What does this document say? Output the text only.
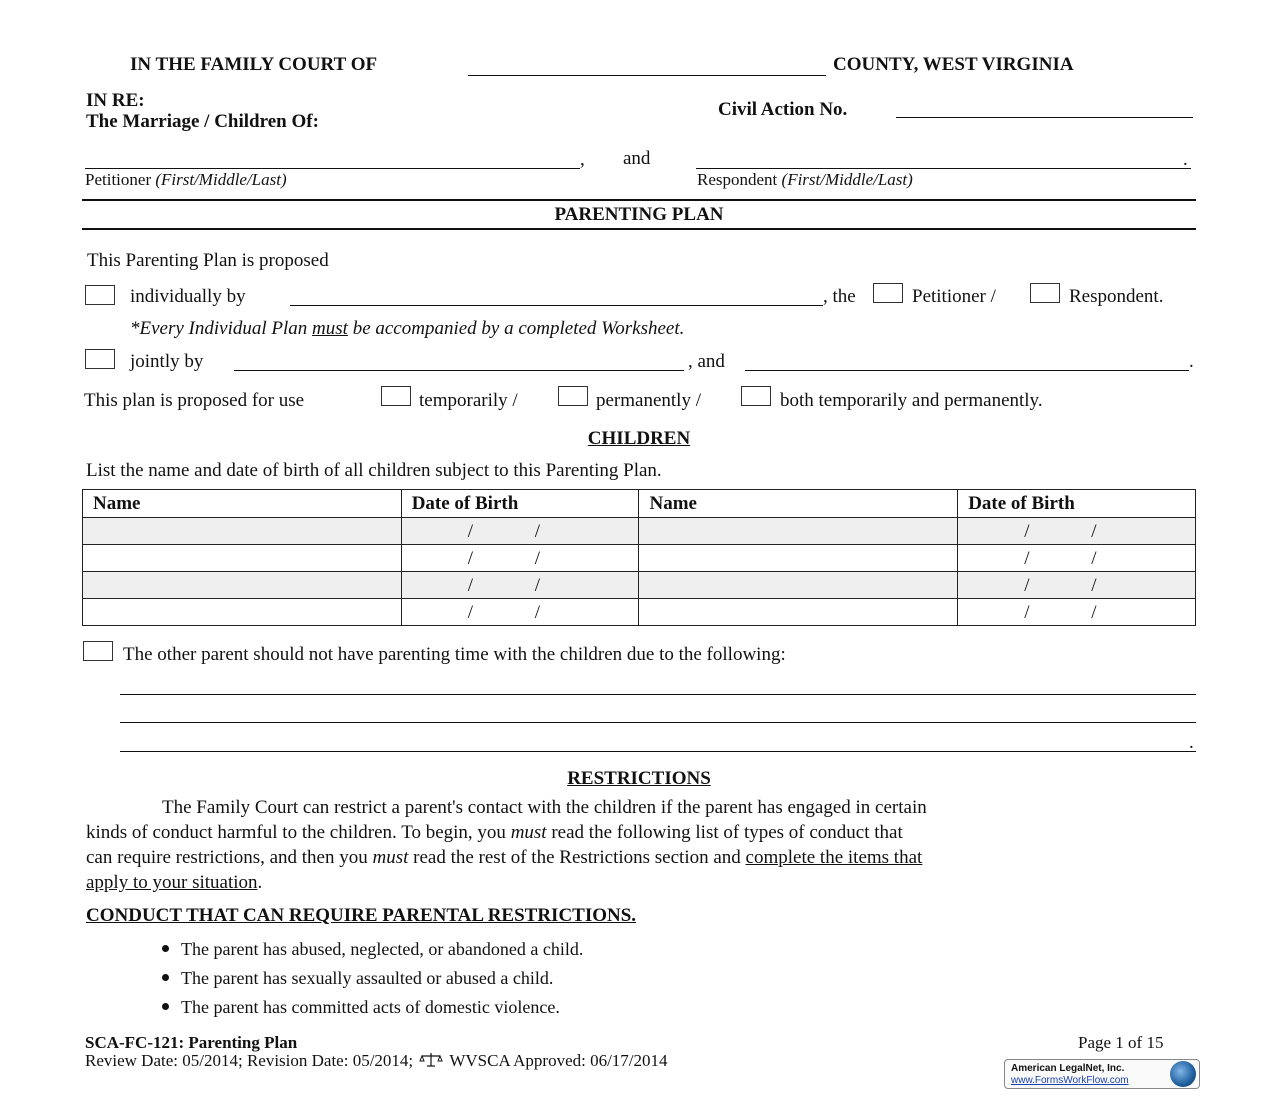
IN THE FAMILY COURT OF	COUNTY, WEST VIRGINIA
IN RE:
The Marriage / Children Of:
Civil Action No.
, and	.
Petitioner (First/Middle/Last)	Respondent (First/Middle/Last)
PARENTING PLAN
This Parenting Plan is proposed
individually by	, the	Petitioner /	Respondent.
*Every Individual Plan must be accompanied by a completed Worksheet.
jointly by	, and	.
This plan is proposed for use	temporarily /	permanently /	both temporarily and permanently.
CHILDREN
List the name and date of birth of all children subject to this Parenting Plan.
Name	Date of Birth	Name	Date of Birth

	/ /		/ /

	/ /		/ /

	/ /		/ /

	/ /		/ /
The other parent should not have parenting time with the children due to the following:
.
RESTRICTIONS
The Family Court can restrict a parent's contact with the children if the parent has engaged in certain
kinds of conduct harmful to the children. To begin, you must read the following list of types of conduct that
can require restrictions, and then you must read the rest of the Restrictions section and complete the items that
apply to your situation.
CONDUCT THAT CAN REQUIRE PARENTAL RESTRICTIONS.
The parent has abused, neglected, or abandoned a child.
The parent has sexually assaulted or abused a child.
The parent has committed acts of domestic violence.
SCA-FC-121: Parenting Plan	Page 1 of 15
Review Date: 05/2014; Revision Date: 05/2014; WVSCA Approved: 06/17/2014	American LegalNet, Inc.
www.FormsWorkFlow.com
